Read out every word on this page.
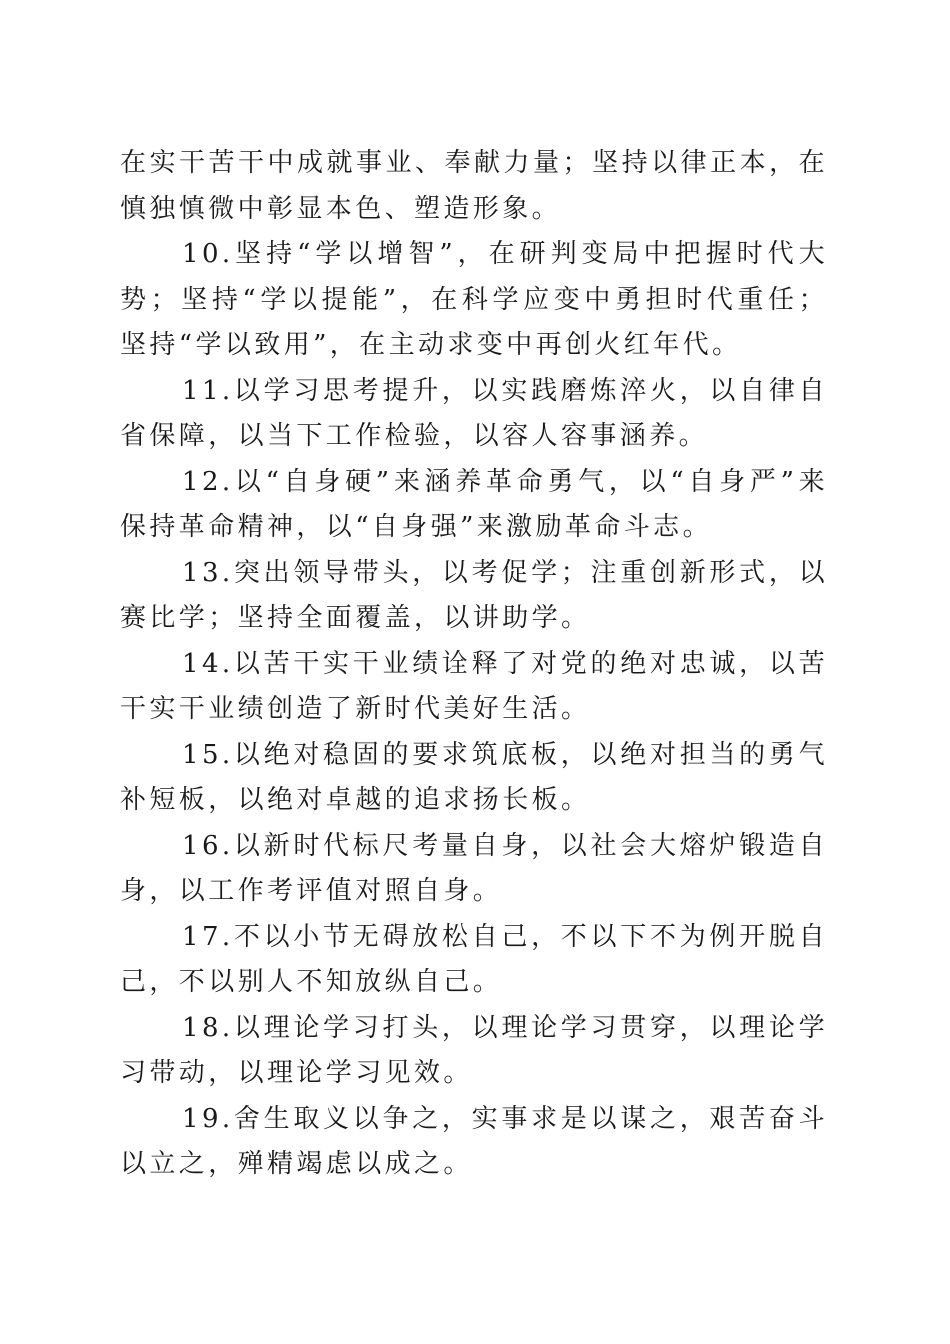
在实干苦干中成就事业、奉献力量；坚持以律正本，在慎独慎微中彰显本色、塑造形象。

10.坚持“学以增智”，在研判变局中把握时代大势；坚持“学以提能”，在科学应变中勇担时代重任；坚持“学以致用”，在主动求变中再创火红年代。

11.以学习思考提升，以实践磨炼淬火，以自律自省保障，以当下工作检验，以容人容事涵养。

12.以“自身硬”来涵养革命勇气，以“自身严”来保持革命精神，以“自身强”来激励革命斗志。

13.突出领导带头，以考促学；注重创新形式，以赛比学；坚持全面覆盖，以讲助学。

14.以苦干实干业绩诠释了对党的绝对忠诚，以苦干实干业绩创造了新时代美好生活。

15.以绝对稳固的要求筑底板，以绝对担当的勇气补短板，以绝对卓越的追求扬长板。

16.以新时代标尺考量自身，以社会大熔炉锻造自身，以工作考评值对照自身。

17.不以小节无碍放松自己，不以下不为例开脱自己，不以别人不知放纵自己。

18.以理论学习打头，以理论学习贯穿，以理论学习带动，以理论学习见效。

19.舍生取义以争之，实事求是以谋之，艰苦奋斗以立之，殚精竭虑以成之。
